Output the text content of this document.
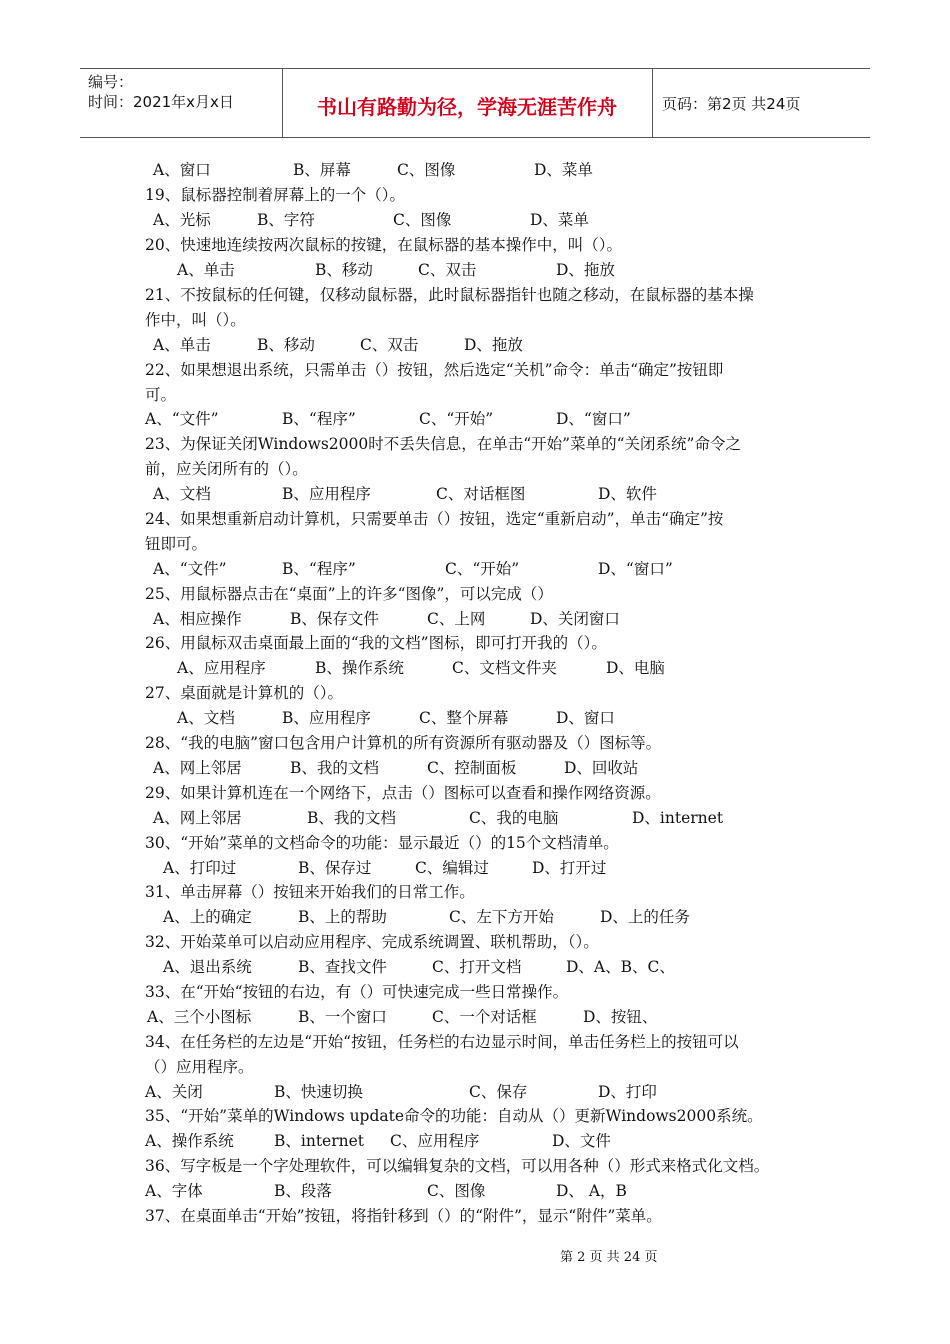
编号：
时间：2021年x月x日	书山有路勤为径，学海无涯苦作舟	页码：第2页 共24页
19、鼠标器控制着屏幕上的一个（）。
20、快速地连续按两次鼠标的按键，在鼠标器的基本操作中，叫（）。
21、不按鼠标的任何键，仅移动鼠标器，此时鼠标器指针也随之移动，在鼠标器的基本操
作中，叫（）。
22、如果想退出系统，只需单击（）按钮，然后选定“关机”命令：单击“确定”按钮即
可。
23、为保证关闭Windows2000时不丢失信息，在单击“开始”菜单的“关闭系统”命令之
前，应关闭所有的（）。
24、如果想重新启动计算机，只需要单击（）按钮，选定“重新启动”，单击“确定”按
钮即可。
25、用鼠标器点击在“桌面”上的许多“图像”，可以完成（）
26、用鼠标双击桌面最上面的“我的文档”图标，即可打开我的（）。
27、桌面就是计算机的（）。
28、“我的电脑”窗口包含用户计算机的所有资源所有驱动器及（）图标等。
29、如果计算机连在一个网络下，点击（）图标可以查看和操作网络资源。
30、“开始”菜单的文档命令的功能：显示最近（）的15个文档清单。
31、单击屏幕（）按钮来开始我们的日常工作。
32、开始菜单可以启动应用程序、完成系统调置、联机帮助，（）。
33、在“开始“按钮的右边，有（）可快速完成一些日常操作。
34、在任务栏的左边是“开始“按钮，任务栏的右边显示时间，单击任务栏上的按钮可以
（）应用程序。
35、“开始”菜单的Windows update命令的功能：自动从（）更新Windows2000系统。
36、写字板是一个字处理软件，可以编辑复杂的文档，可以用各种（）形式来格式化文档。
37、在桌面单击“开始”按钮，将指针移到（）的“附件”，显示“附件”菜单。
A、窗口	B、屏幕	C、图像	D、菜单
A、光标	B、字符	C、图像	D、菜单
A、单击	B、移动	C、双击	D、拖放
A、单击	B、移动	C、双击	D、拖放
A、“文件”	B、“程序”	C、“开始”	D、“窗口”
A、文档	B、应用程序	C、对话框图	D、软件
A、“文件”	B、“程序”	C、“开始”	D、“窗口”
A、相应操作	B、保存文件	C、上网	D、关闭窗口
A、应用程序	B、操作系统	C、文档文件夹	D、电脑
A、文档	B、应用程序	C、整个屏幕	D、窗口
A、网上邻居	B、我的文档	C、控制面板	D、回收站
A、网上邻居	B、我的文档	C、我的电脑	D、internet
A、打印过	B、保存过	C、编辑过	D、打开过
A、上的确定	B、上的帮助	C、左下方开始	D、上的任务
A、退出系统	B、查找文件	C、打开文档	D、A、B、C、
A、三个小图标	B、一个窗口	C、一个对话框	D、按钮、
A、关闭	B、快速切换	C、保存	D、打印
A、操作系统	B、internet C、应用程序	D、文件
A、字体	B、段落	C、图像	D、 A，B
第 2 页 共 24 页
